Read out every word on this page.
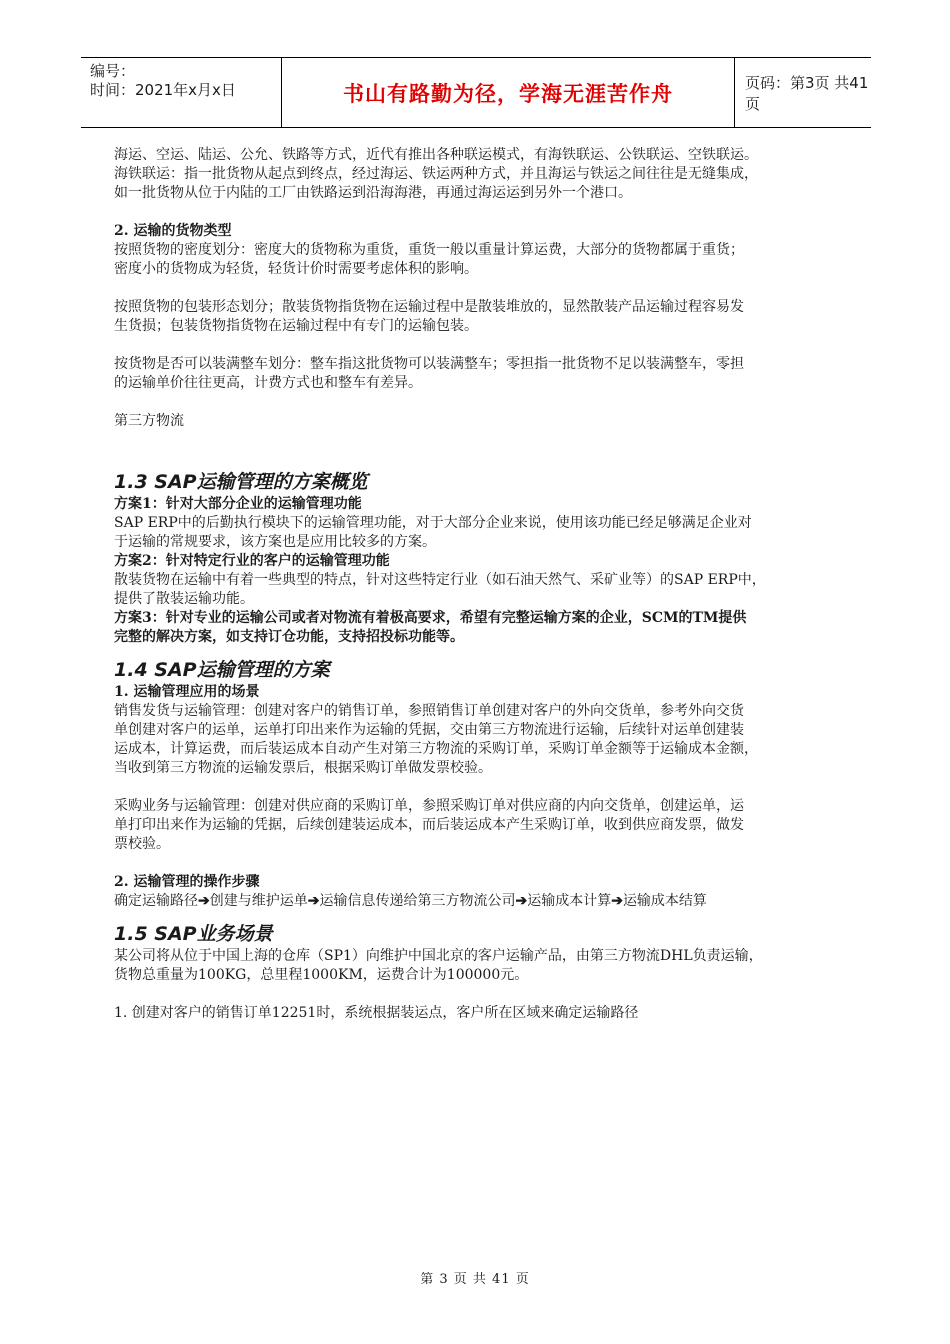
编号：
时间：2021年x月x日	书山有路勤为径，学海无涯苦作舟	页码：第3页 共41页

海运、空运、陆运、公允、铁路等方式，近代有推出各种联运模式，有海铁联运、公铁联运、空铁联运。

海铁联运：指一批货物从起点到终点，经过海运、铁运两种方式，并且海运与铁运之间往往是无缝集成，

如一批货物从位于内陆的工厂由铁路运到沿海海港，再通过海运运到另外一个港口。

2. 运输的货物类型

按照货物的密度划分：密度大的货物称为重货，重货一般以重量计算运费，大部分的货物都属于重货；

密度小的货物成为轻货，轻货计价时需要考虑体积的影响。

按照货物的包装形态划分；散装货物指货物在运输过程中是散装堆放的，显然散装产品运输过程容易发

生货损；包装货物指货物在运输过程中有专门的运输包装。

按货物是否可以装满整车划分：整车指这批货物可以装满整车；零担指一批货物不足以装满整车，零担

的运输单价往往更高，计费方式也和整车有差异。

第三方物流

1.3 SAP运输管理的方案概览

方案1：针对大部分企业的运输管理功能

SAP ERP中的后勤执行模块下的运输管理功能，对于大部分企业来说，使用该功能已经足够满足企业对

于运输的常规要求，该方案也是应用比较多的方案。

方案2：针对特定行业的客户的运输管理功能

散装货物在运输中有着一些典型的特点，针对这些特定行业（如石油天然气、采矿业等）的SAP ERP中，

提供了散装运输功能。

方案3：针对专业的运输公司或者对物流有着极高要求，希望有完整运输方案的企业，SCM的TM提供

完整的解决方案，如支持订仓功能，支持招投标功能等。

1.4 SAP运输管理的方案

1. 运输管理应用的场景

销售发货与运输管理：创建对客户的销售订单，参照销售订单创建对客户的外向交货单，参考外向交货

单创建对客户的运单，运单打印出来作为运输的凭据，交由第三方物流进行运输，后续针对运单创建装

运成本，计算运费，而后装运成本自动产生对第三方物流的采购订单，采购订单金额等于运输成本金额，

当收到第三方物流的运输发票后，根据采购订单做发票校验。

采购业务与运输管理：创建对供应商的采购订单，参照采购订单对供应商的内向交货单，创建运单，运

单打印出来作为运输的凭据，后续创建装运成本，而后装运成本产生采购订单，收到供应商发票，做发

票校验。

2. 运输管理的操作步骤

确定运输路径➔创建与维护运单➔运输信息传递给第三方物流公司➔运输成本计算➔运输成本结算

1.5 SAP业务场景

某公司将从位于中国上海的仓库（SP1）向维护中国北京的客户运输产品，由第三方物流DHL负责运输，

货物总重量为100KG，总里程1000KM，运费合计为100000元。

1. 创建对客户的销售订单12251时，系统根据装运点，客户所在区域来确定运输路径

第 3 页 共 41 页
